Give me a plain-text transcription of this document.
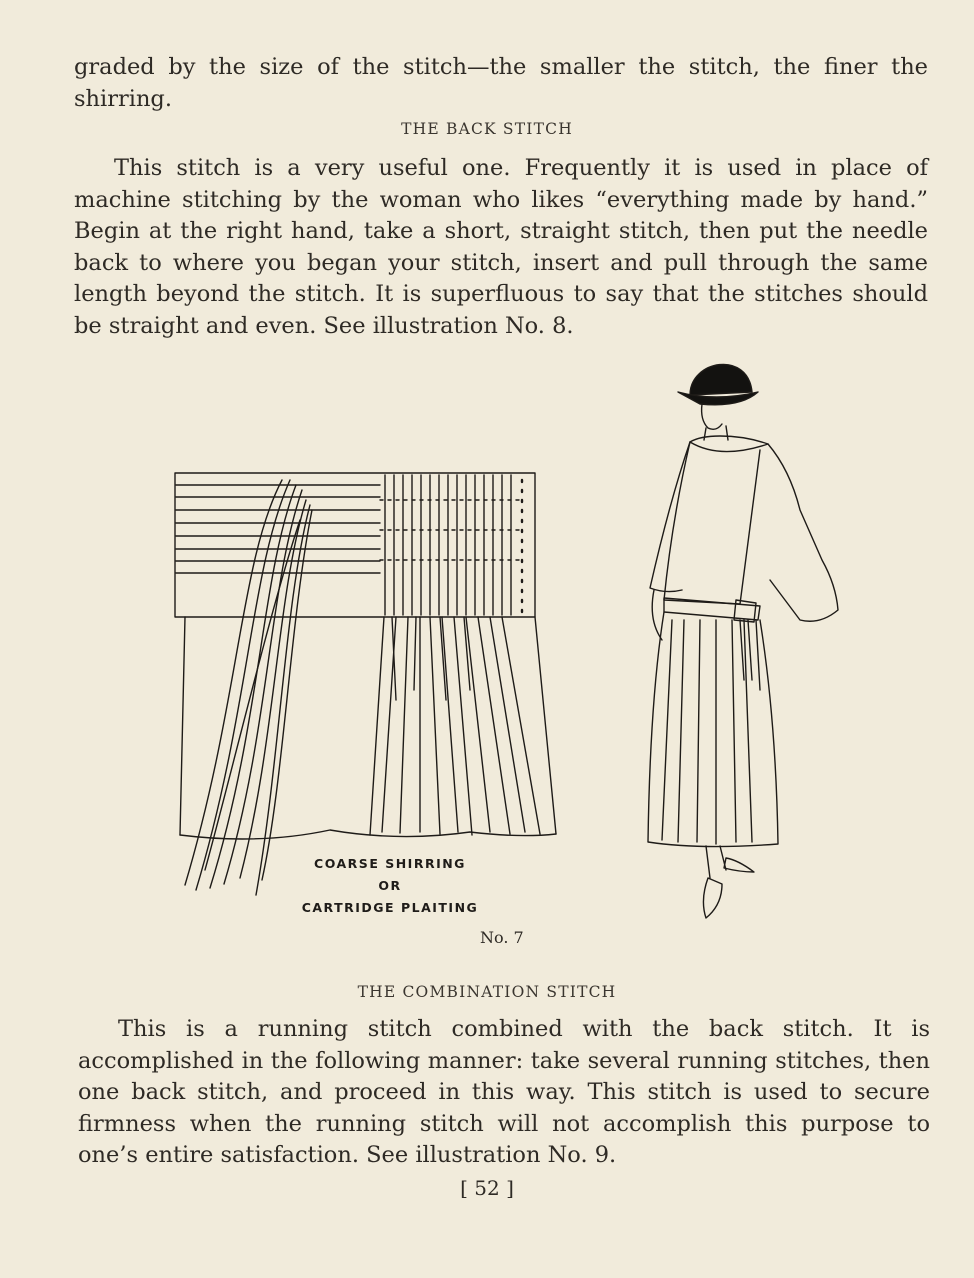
graded by the size of the stitch—the smaller the stitch, the finer the shirring.

THE BACK STITCH

This stitch is a very useful one. Frequently it is used in place of machine stitching by the woman who likes “everything made by hand.” Begin at the right hand, take a short, straight stitch, then put the needle back to where you began your stitch, insert and pull through the same length beyond the stitch. It is superfluous to say that the stitches should be straight and even. See illustration No. 8.

COARSE SHIRRING
OR
CARTRIDGE PLAITING
No. 7
THE COMBINATION STITCH

This is a running stitch combined with the back stitch. It is accomplished in the following manner: take several running stitches, then one back stitch, and proceed in this way. This stitch is used to secure firmness when the running stitch will not accomplish this purpose to one’s entire satisfaction. See illustration No. 9.

[ 52 ]
